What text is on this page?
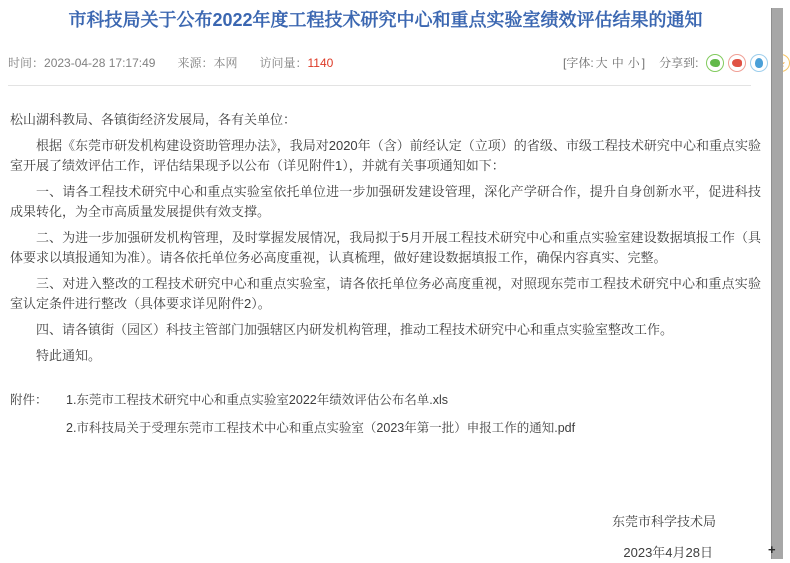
市科技局关于公布2022年度工程技术研究中心和重点实验室绩效评估结果的通知
时间：2023-04-28 17:17:49 来源：本网 访问量：1140	[字体: 大 中 小 ] 分享到:
★

松山湖科教局、各镇街经济发展局，各有关单位：

根据《东莞市研发机构建设资助管理办法》，我局对2020年（含）前经认定（立项）的省级、市级工程技术研究中心和重点实验室开展了绩效评估工作，评估结果现予以公布（详见附件1），并就有关事项通知如下：

一、请各工程技术研究中心和重点实验室依托单位进一步加强研发建设管理，深化产学研合作，提升自身创新水平，促进科技成果转化，为全市高质量发展提供有效支撑。

二、为进一步加强研发机构管理，及时掌握发展情况，我局拟于5月开展工程技术研究中心和重点实验室建设数据填报工作（具体要求以填报通知为准）。请各依托单位务必高度重视，认真梳理，做好建设数据填报工作，确保内容真实、完整。

三、对进入整改的工程技术研究中心和重点实验室，请各依托单位务必高度重视，对照现东莞市工程技术研究中心和重点实验室认定条件进行整改（具体要求详见附件2）。

四、请各镇街（园区）科技主管部门加强辖区内研发机构管理，推动工程技术研究中心和重点实验室整改工作。

特此通知。

附件： 1.东莞市工程技术研究中心和重点实验室2022年绩效评估公布名单.xls
2.市科技局关于受理东莞市工程技术中心和重点实验室（2023年第一批）申报工作的通知.pdf
东莞市科学技术局
2023年4月28日	+
